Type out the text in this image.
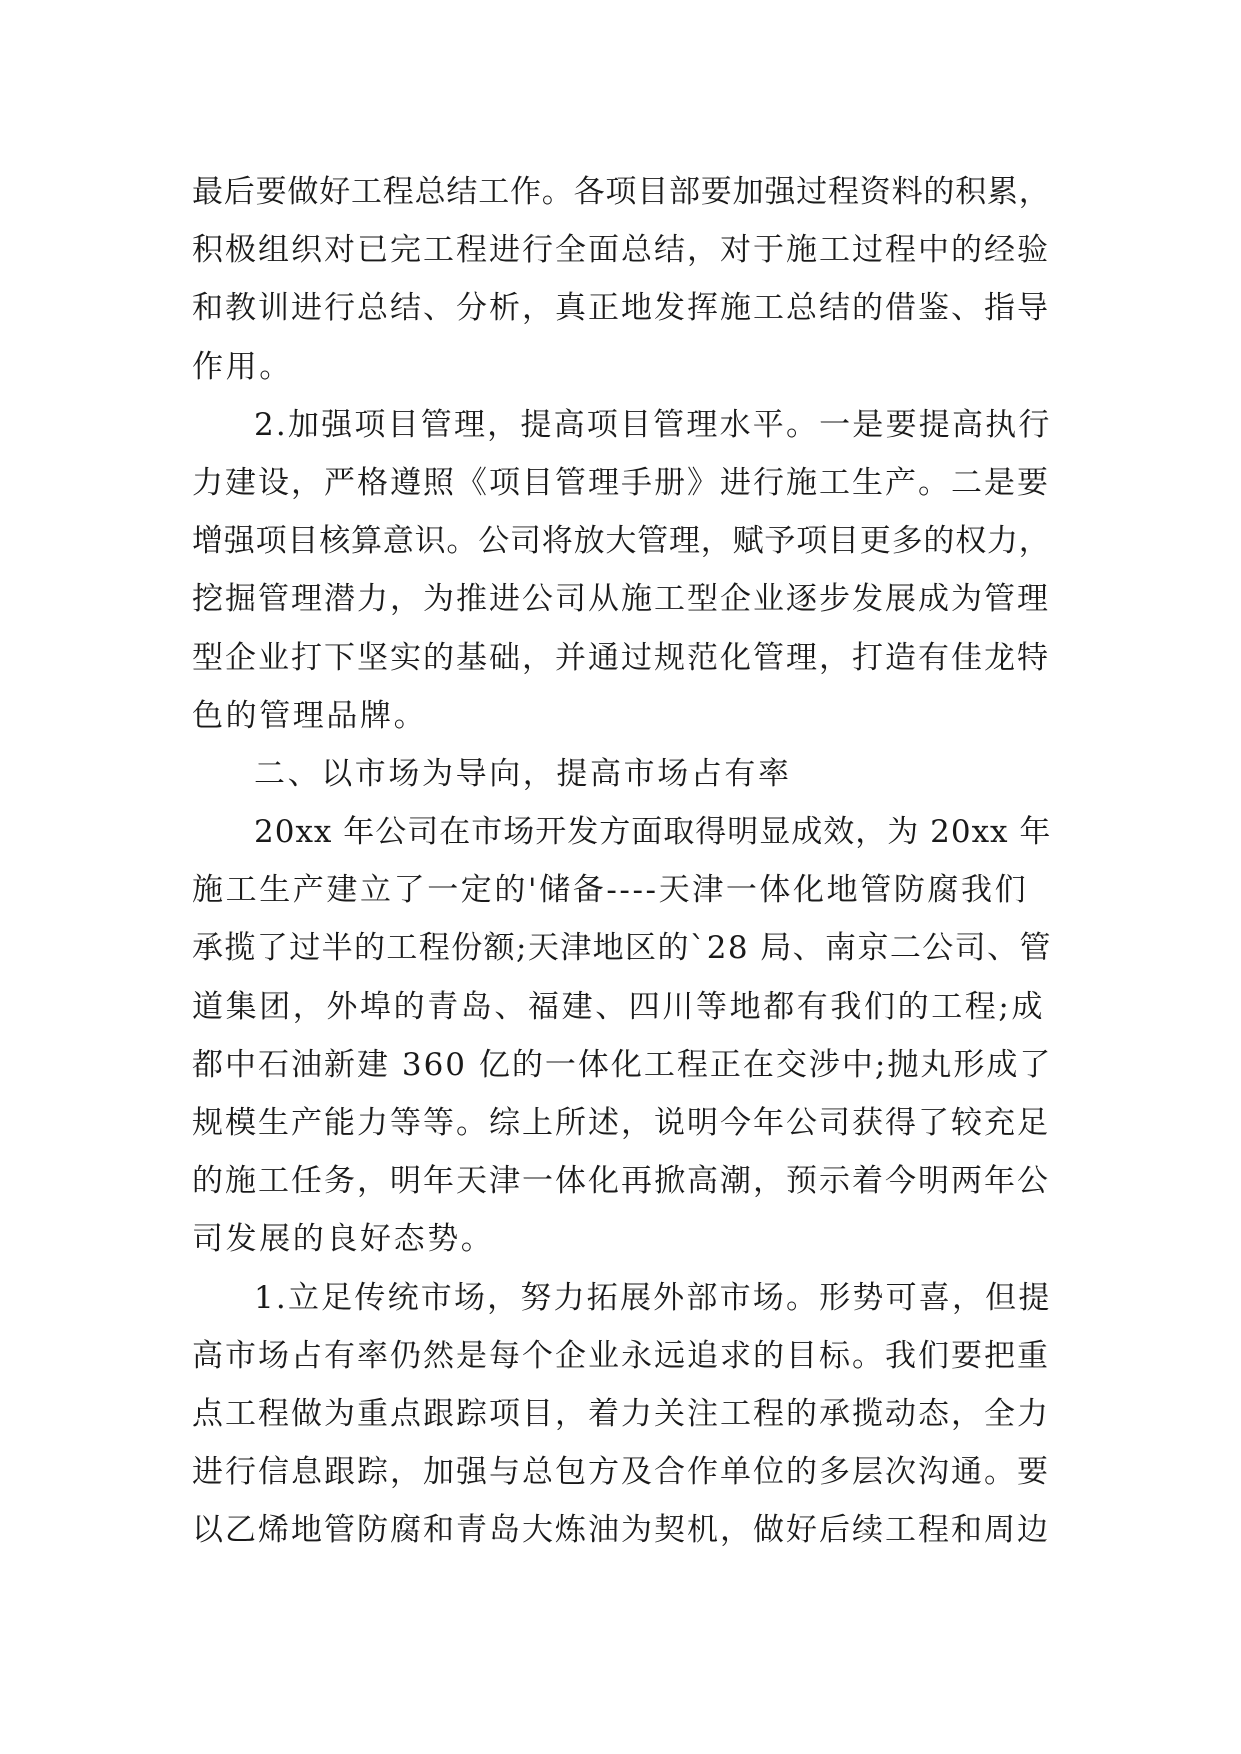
最后要做好工程总结工作。各项目部要加强过程资料的积累，
积极组织对已完工程进行全面总结，对于施工过程中的经验
和教训进行总结、分析，真正地发挥施工总结的借鉴、指导
作用。
2.加强项目管理，提高项目管理水平。一是要提高执行
力建设，严格遵照《项目管理手册》进行施工生产。二是要
增强项目核算意识。公司将放大管理，赋予项目更多的权力，
挖掘管理潜力，为推进公司从施工型企业逐步发展成为管理
型企业打下坚实的基础，并通过规范化管理，打造有佳龙特
色的管理品牌。
二、以市场为导向，提高市场占有率
20xx 年公司在市场开发方面取得明显成效，为 20xx 年
施工生产建立了一定的'储备----天津一体化地管防腐我们
承揽了过半的工程份额;天津地区的`28 局、南京二公司、管
道集团，外埠的青岛、福建、四川等地都有我们的工程;成
都中石油新建 360 亿的一体化工程正在交涉中;抛丸形成了
规模生产能力等等。综上所述，说明今年公司获得了较充足
的施工任务，明年天津一体化再掀高潮，预示着今明两年公
司发展的良好态势。
1.立足传统市场，努力拓展外部市场。形势可喜，但提
高市场占有率仍然是每个企业永远追求的目标。我们要把重
点工程做为重点跟踪项目，着力关注工程的承揽动态，全力
进行信息跟踪，加强与总包方及合作单位的多层次沟通。要
以乙烯地管防腐和青岛大炼油为契机，做好后续工程和周边
